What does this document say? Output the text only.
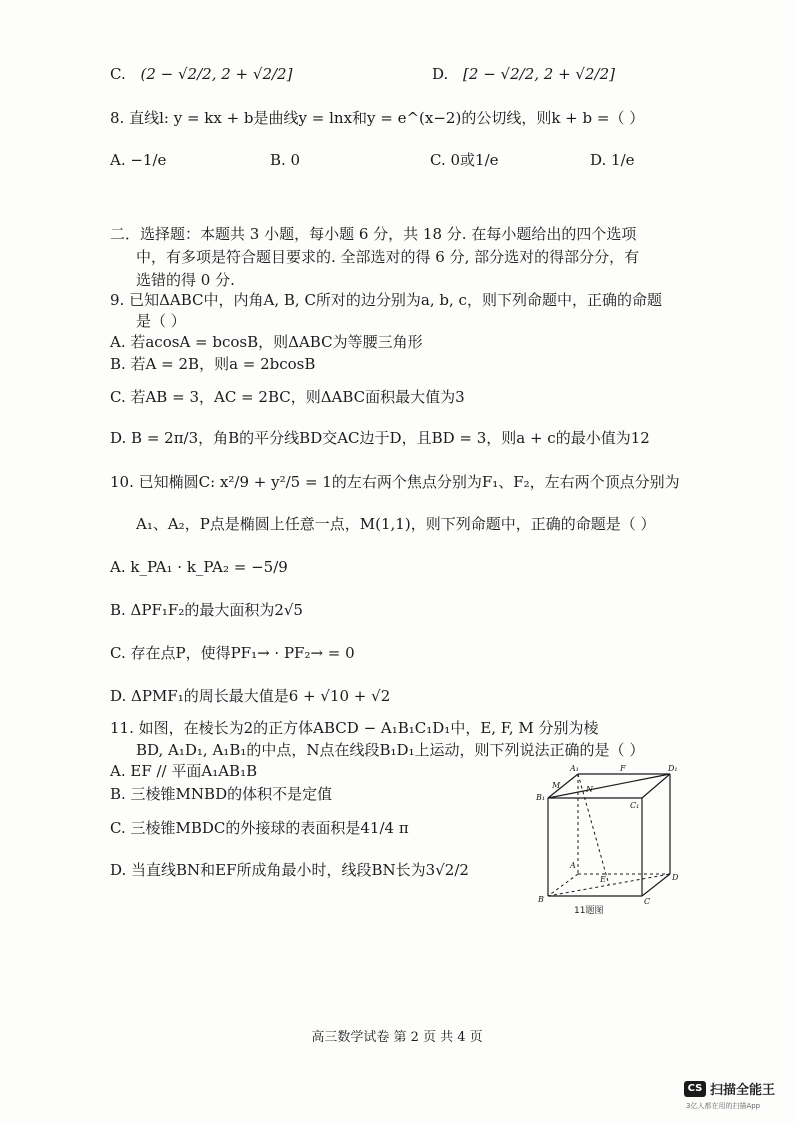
C. (2 − √2/2, 2 + √2/2]	D. [2 − √2/2, 2 + √2/2]
8. 直线l: y = kx + b是曲线y = lnx和y = e^(x−2)的公切线，则k + b =（ ）
A. −1/e	B. 0	C. 0或1/e	D. 1/e
二．选择题：本题共 3 小题，每小题 6 分，共 18 分. 在每小题给出的四个选项
中，有多项是符合题目要求的. 全部选对的得 6 分, 部分选对的得部分分，有
选错的得 0 分.
9. 已知ΔABC中，内角A, B, C所对的边分别为a, b, c，则下列命题中，正确的命题
是（ ）
A. 若acosA = bcosB，则ΔABC为等腰三角形
B. 若A = 2B，则a = 2bcosB
C. 若AB = 3，AC = 2BC，则ΔABC面积最大值为3
D. B = 2π/3，角B的平分线BD交AC边于D，且BD = 3，则a + c的最小值为12
10. 已知椭圆C: x²/9 + y²/5 = 1的左右两个焦点分别为F₁、F₂，左右两个顶点分别为
A₁、A₂，P点是椭圆上任意一点，M(1,1)，则下列命题中，正确的命题是（ ）
A. k_PA₁ · k_PA₂ = −5/9
B. ΔPF₁F₂的最大面积为2√5
C. 存在点P，使得PF₁→ · PF₂→ = 0
D. ΔPMF₁的周长最大值是6 + √10 + √2
11. 如图，在棱长为2的正方体ABCD − A₁B₁C₁D₁中，E, F, M 分别为棱
BD, A₁D₁, A₁B₁的中点，N点在线段B₁D₁上运动，则下列说法正确的是（ ）
A. EF // 平面A₁AB₁B
B. 三棱锥MNBD的体积不是定值
C. 三棱锥MBDC的外接球的表面积是41/4 π
D. 当直线BN和EF所成角最小时，线段BN长为3√2/2
A₁	F	D₁
M	N
B₁
C₁
A
E
B	C
D
11题图
高三数学试卷 第 2 页 共 4 页
CS 扫描全能王
3亿人都在用的扫描App
